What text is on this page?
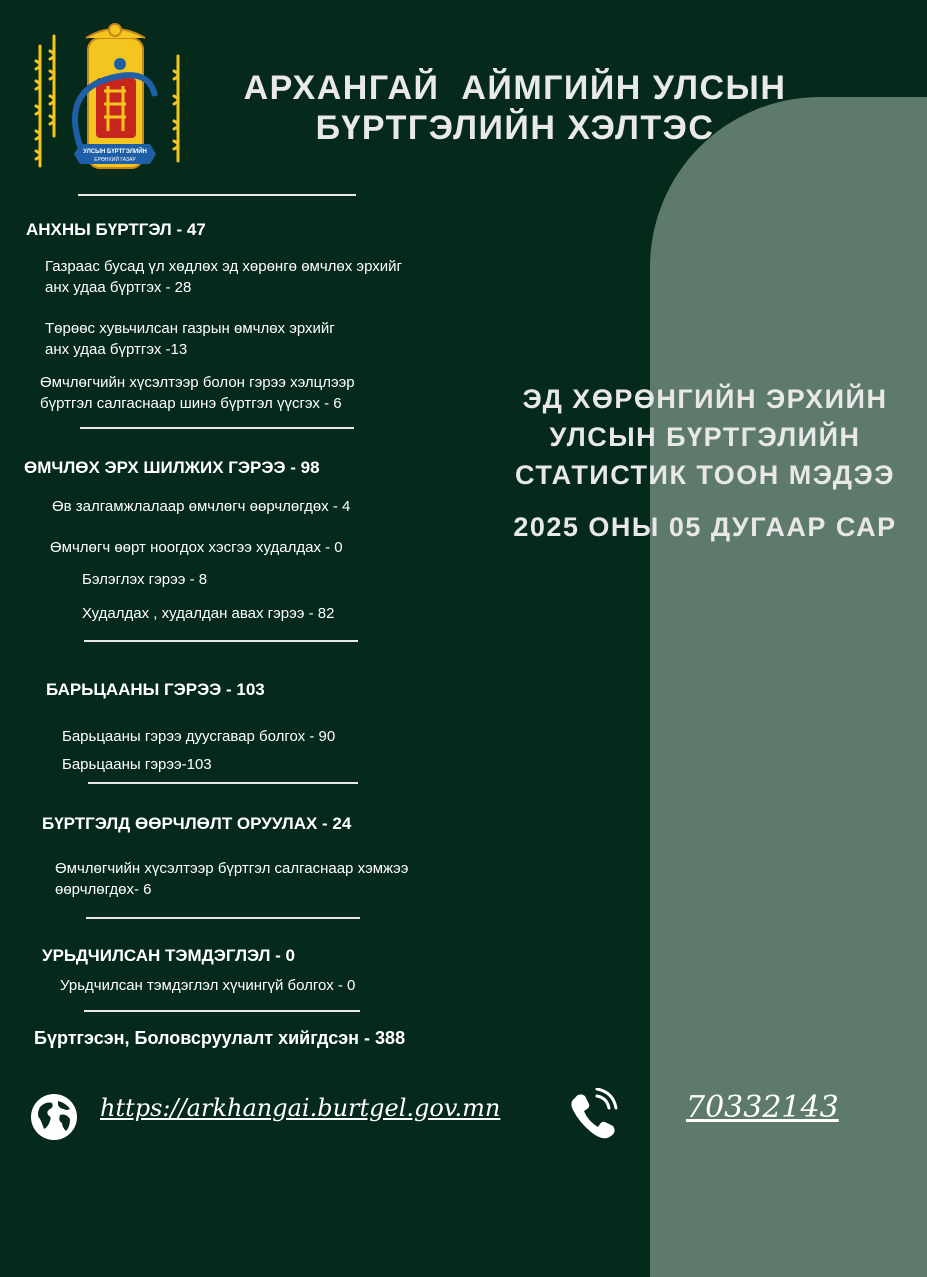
УЛСЫН БҮРТГЭЛИЙН
ЕРӨНХИЙ ГАЗАР
АРХАНГАЙ  АЙМГИЙН УЛСЫН
БҮРТГЭЛИЙН ХЭЛТЭС
АНХНЫ БҮРТГЭЛ - 47
Газраас бусад үл хөдлөх эд хөрөнгө өмчлөх эрхийг
анх удаа бүртгэх - 28
Төрөөс хувьчилсан газрын өмчлөх эрхийг
анх удаа бүртгэх -13
Өмчлөгчийн хүсэлтээр болон гэрээ хэлцлээр
бүртгэл салгаснаар шинэ бүртгэл үүсгэх - 6
ӨМЧЛӨХ ЭРХ ШИЛЖИХ ГЭРЭЭ - 98
Өв залгамжлалаар өмчлөгч өөрчлөгдөх - 4
Өмчлөгч өөрт ноогдох хэсгээ худалдах - 0
Бэлэглэх гэрээ - 8
Худалдах , худалдан авах гэрээ - 82
БАРЬЦААНЫ ГЭРЭЭ - 103
Барьцааны гэрээ дуусгавар болгох - 90
Барьцааны гэрээ-103
БҮРТГЭЛД ӨӨРЧЛӨЛТ ОРУУЛАХ - 24
Өмчлөгчийн хүсэлтээр бүртгэл салгаснаар хэмжээ
өөрчлөгдөх- 6
УРЬДЧИЛСАН ТЭМДЭГЛЭЛ - 0
Урьдчилсан тэмдэглэл хүчингүй болгох - 0
Бүртгэсэн, Боловсруулалт хийгдсэн - 388
ЭД ХӨРӨНГИЙН ЭРХИЙН
УЛСЫН БҮРТГЭЛИЙН
СТАТИСТИК ТООН МЭДЭЭ
2025 ОНЫ 05 ДУГААР САР
https://arkhangai.burtgel.gov.mn	70332143
